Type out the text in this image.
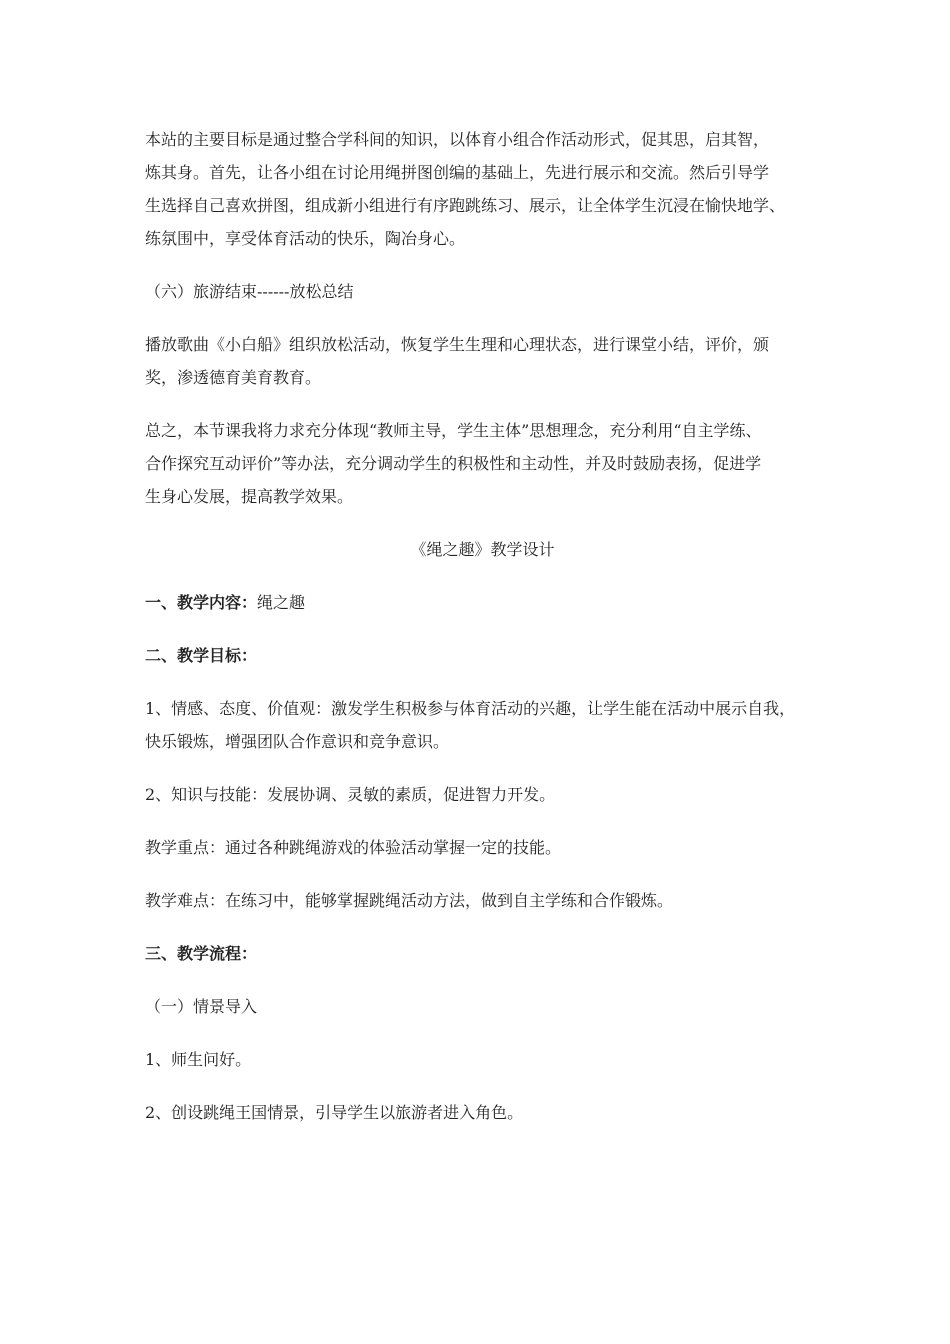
本站的主要目标是通过整合学科间的知识，以体育小组合作活动形式，促其思，启其智，
炼其身。首先，让各小组在讨论用绳拼图创编的基础上，先进行展示和交流。然后引导学
生选择自己喜欢拼图，组成新小组进行有序跑跳练习、展示，让全体学生沉浸在愉快地学、
练氛围中，享受体育活动的快乐，陶冶身心。

（六）旅游结束------放松总结

播放歌曲《小白船》组织放松活动，恢复学生生理和心理状态，进行课堂小结，评价，颁
奖，渗透德育美育教育。

总之，本节课我将力求充分体现“教师主导，学生主体”思想理念，充分利用“自主学练、
合作探究互动评价”等办法，充分调动学生的积极性和主动性，并及时鼓励表扬，促进学
生身心发展，提高教学效果。

《绳之趣》教学设计

一、教学内容：绳之趣

二、教学目标：

1、情感、态度、价值观：激发学生积极参与体育活动的兴趣，让学生能在活动中展示自我，
快乐锻炼，增强团队合作意识和竞争意识。

2、知识与技能：发展协调、灵敏的素质，促进智力开发。

教学重点：通过各种跳绳游戏的体验活动掌握一定的技能。

教学难点：在练习中，能够掌握跳绳活动方法，做到自主学练和合作锻炼。

三、教学流程：

（一）情景导入

1、师生问好。

2、创设跳绳王国情景，引导学生以旅游者进入角色。
